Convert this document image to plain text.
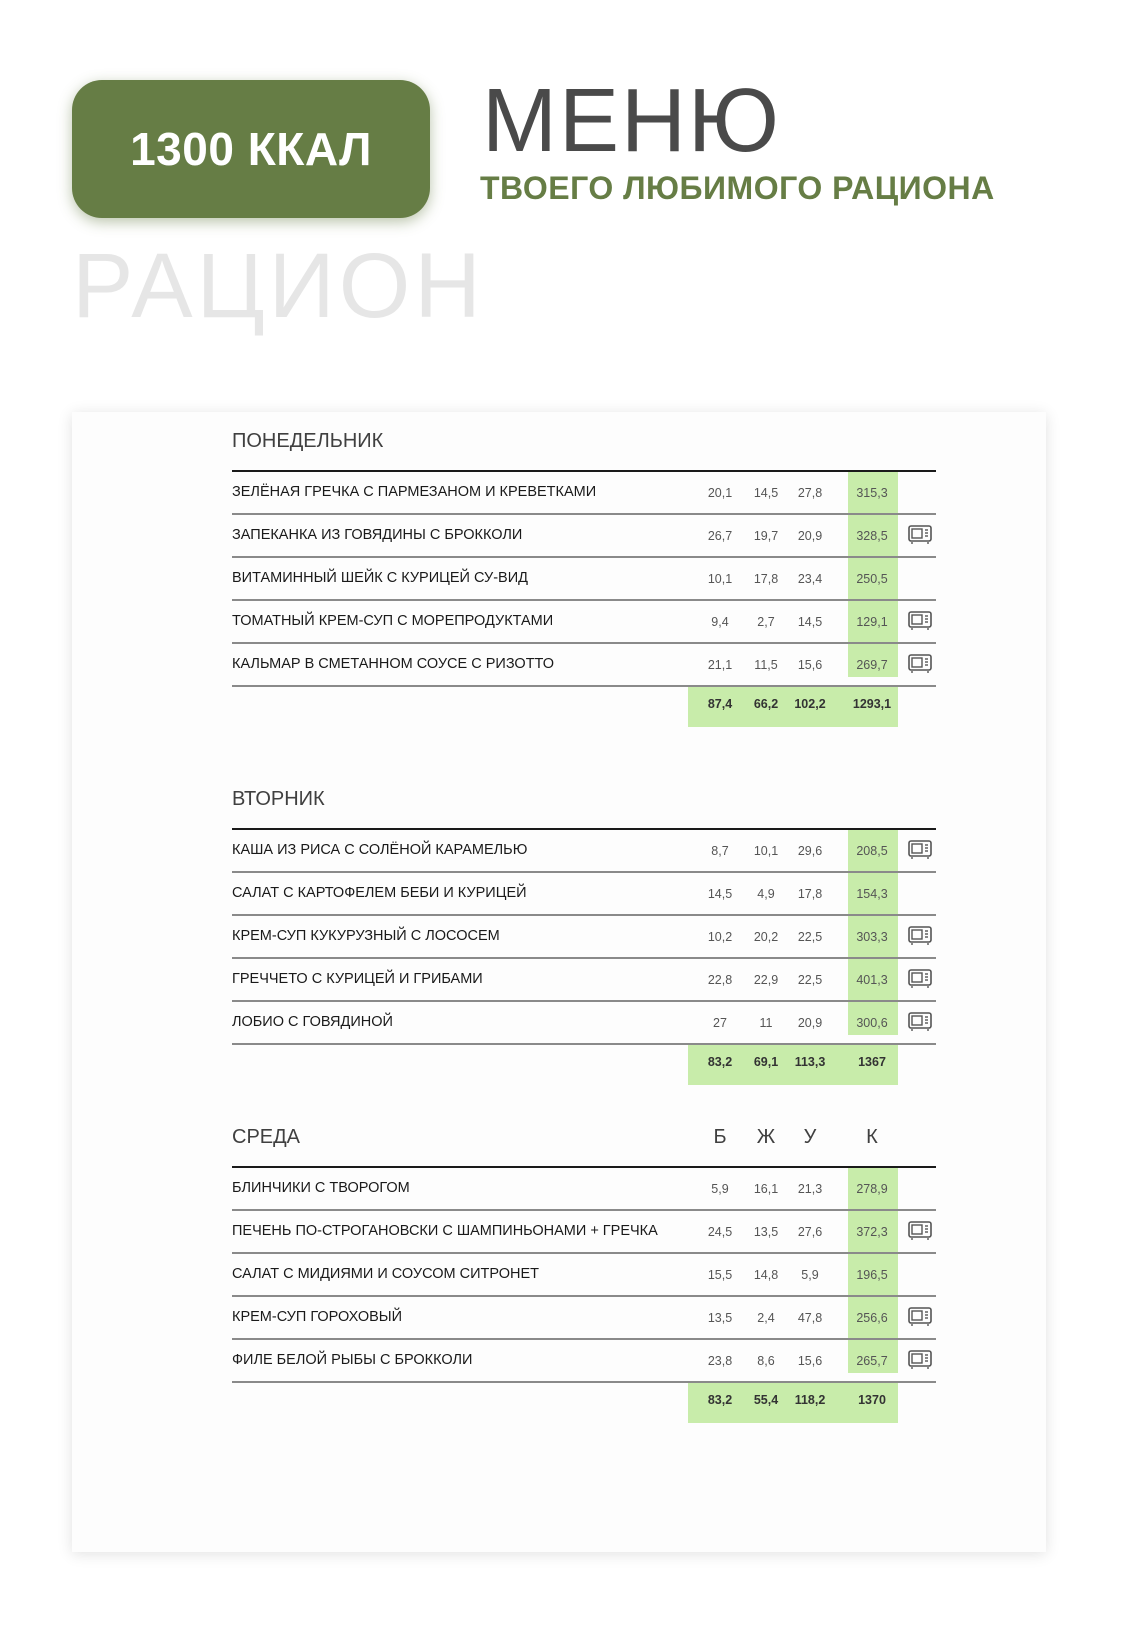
1300 ККАЛ	МЕНЮ
ТВОЕГО ЛЮБИМОГО РАЦИОНА
РАЦИОН
ПОНЕДЕЛЬНИК
ЗЕЛЁНАЯ ГРЕЧКА С ПАРМЕЗАНОМ И КРЕВЕТКАМИ	20,1	14,5	27,8	315,3
ЗАПЕКАНКА ИЗ ГОВЯДИНЫ С БРОККОЛИ	26,7	19,7	20,9	328,5
ВИТАМИННЫЙ ШЕЙК С КУРИЦЕЙ СУ-ВИД	10,1	17,8	23,4	250,5
ТОМАТНЫЙ КРЕМ-СУП С МОРЕПРОДУКТАМИ	9,4	2,7	14,5	129,1
КАЛЬМАР В СМЕТАННОМ СОУСЕ С РИЗОТТО	21,1	11,5	15,6	269,7
87,4	66,2	102,2	1293,1
ВТОРНИК
КАША ИЗ РИСА С СОЛЁНОЙ КАРАМЕЛЬЮ	8,7	10,1	29,6	208,5
САЛАТ С КАРТОФЕЛЕМ БЕБИ И КУРИЦЕЙ	14,5	4,9	17,8	154,3
КРЕМ-СУП КУКУРУЗНЫЙ С ЛОСОСЕМ	10,2	20,2	22,5	303,3
ГРЕЧЧЕТО С КУРИЦЕЙ И ГРИБАМИ	22,8	22,9	22,5	401,3
ЛОБИО С ГОВЯДИНОЙ	27	11	20,9	300,6
83,2	69,1	113,3	1367
СРЕДА	Б	Ж	У	К
БЛИНЧИКИ С ТВОРОГОМ	5,9	16,1	21,3	278,9
ПЕЧЕНЬ ПО-СТРОГАНОВСКИ С ШАМПИНЬОНАМИ + ГРЕЧКА	24,5	13,5	27,6	372,3
САЛАТ С МИДИЯМИ И СОУСОМ СИТРОНЕТ	15,5	14,8	5,9	196,5
КРЕМ-СУП ГОРОХОВЫЙ	13,5	2,4	47,8	256,6
ФИЛЕ БЕЛОЙ РЫБЫ С БРОККОЛИ	23,8	8,6	15,6	265,7
83,2	55,4	118,2	1370
